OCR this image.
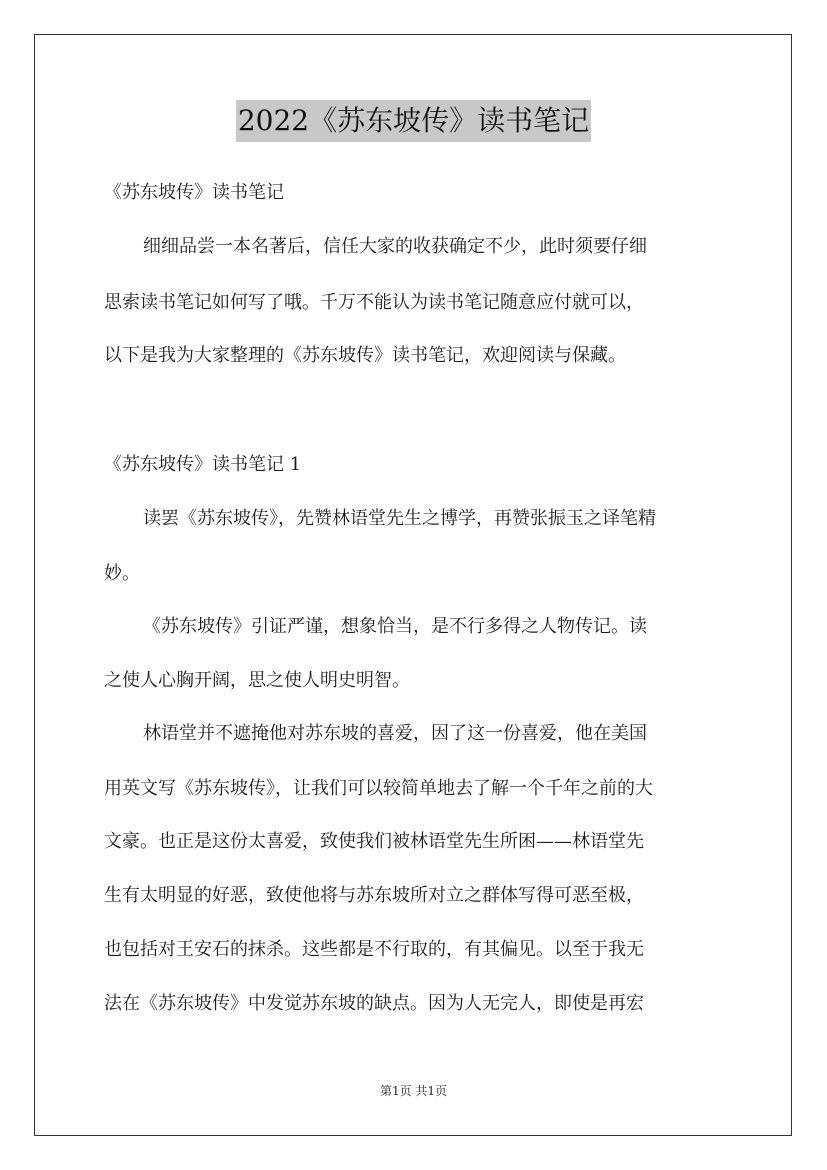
2022《苏东坡传》读书笔记
《苏东坡传》读书笔记
细细品尝一本名著后，信任大家的收获确定不少，此时须要仔细
思索读书笔记如何写了哦。千万不能认为读书笔记随意应付就可以，
以下是我为大家整理的《苏东坡传》读书笔记，欢迎阅读与保藏。
《苏东坡传》读书笔记 1
读罢《苏东坡传》，先赞林语堂先生之博学，再赞张振玉之译笔精
妙。
《苏东坡传》引证严谨，想象恰当，是不行多得之人物传记。读
之使人心胸开阔，思之使人明史明智。
林语堂并不遮掩他对苏东坡的喜爱，因了这一份喜爱，他在美国
用英文写《苏东坡传》，让我们可以较简单地去了解一个千年之前的大
文豪。也正是这份太喜爱，致使我们被林语堂先生所困——林语堂先
生有太明显的好恶，致使他将与苏东坡所对立之群体写得可恶至极，
也包括对王安石的抹杀。这些都是不行取的，有其偏见。以至于我无
法在《苏东坡传》中发觉苏东坡的缺点。因为人无完人，即使是再宏
第1页 共1页
